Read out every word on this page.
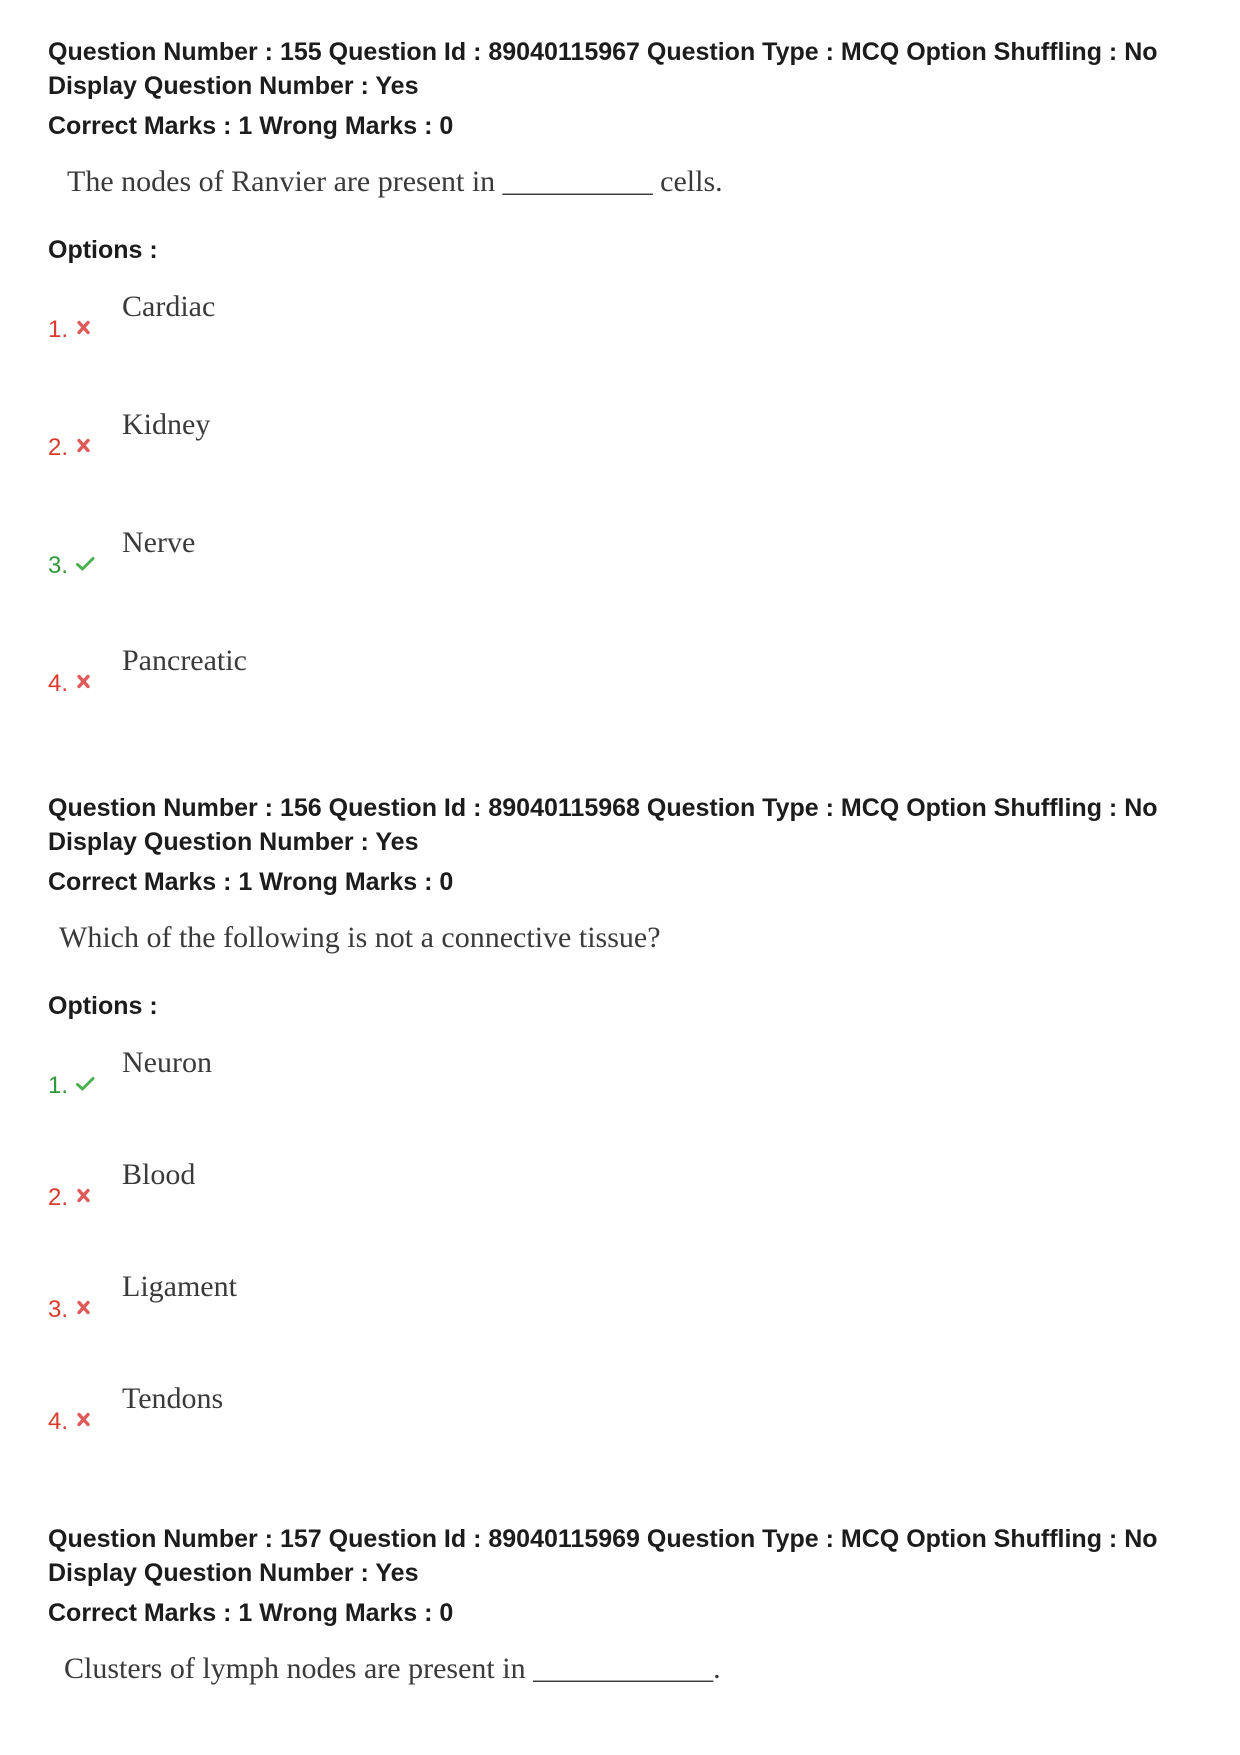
Question Number : 155 Question Id : 89040115967 Question Type : MCQ Option Shuffling : No
Display Question Number : Yes
Correct Marks : 1 Wrong Marks : 0
The nodes of Ranvier are present in __________ cells.
Options :
Cardiac
1.
Kidney
2.
Nerve
3.
Pancreatic
4.
Question Number : 156 Question Id : 89040115968 Question Type : MCQ Option Shuffling : No
Display Question Number : Yes
Correct Marks : 1 Wrong Marks : 0
Which of the following is not a connective tissue?
Options :
Neuron
1.
Blood
2.
Ligament
3.
Tendons
4.
Question Number : 157 Question Id : 89040115969 Question Type : MCQ Option Shuffling : No
Display Question Number : Yes
Correct Marks : 1 Wrong Marks : 0
Clusters of lymph nodes are present in ____________.
